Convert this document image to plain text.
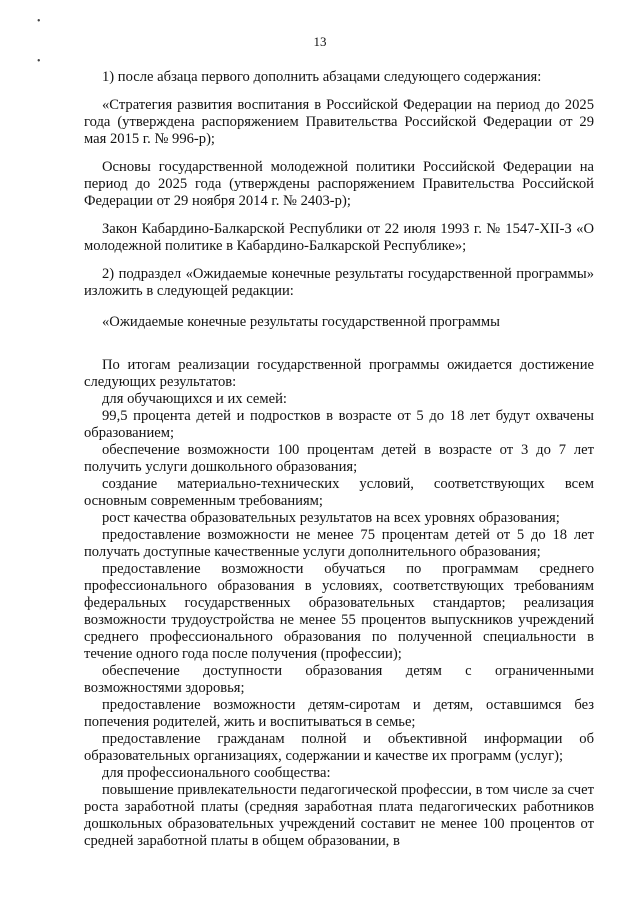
13
•
•

1) после абзаца первого дополнить абзацами следующего содержания:

«Стратегия развития воспитания в Российской Федерации на период до 2025 года (утверждена распоряжением Правительства Российской Федерации от 29 мая 2015 г. № 996-р);

Основы государственной молодежной политики Российской Федерации на период до 2025 года (утверждены распоряжением Правительства Российской Федерации от 29 ноября 2014 г. № 2403-р);

Закон Кабардино-Балкарской Республики от 22 июля 1993 г. № 1547-XII-З «О молодежной политике в Кабардино-Балкарской Республике»;

2) подраздел «Ожидаемые конечные результаты государственной программы» изложить в следующей редакции:

«Ожидаемые конечные результаты государственной программы

По итогам реализации государственной программы ожидается достижение следующих результатов:

для обучающихся и их семей:

99,5 процента детей и подростков в возрасте от 5 до 18 лет будут охвачены образованием;

обеспечение возможности 100 процентам детей в возрасте от 3 до 7 лет получить услуги дошкольного образования;

создание материально-технических условий, соответствующих всем основным современным требованиям;

рост качества образовательных результатов на всех уровнях образования;

предоставление возможности не менее 75 процентам детей от 5 до 18 лет получать доступные качественные услуги дополнительного образования;

предоставление возможности обучаться по программам среднего профессионального образования в условиях, соответствующих требованиям федеральных государственных образовательных стандартов; реализация возможности трудоустройства не менее 55 процентов выпускников учреждений среднего профессионального образования по полученной специальности в течение одного года после получения (профессии);

обеспечение доступности образования детям с ограниченными возможностями здоровья;

предоставление возможности детям-сиротам и детям, оставшимся без попечения родителей, жить и воспитываться в семье;

предоставление гражданам полной и объективной информации об образовательных организациях, содержании и качестве их программ (услуг);

для профессионального сообщества:

повышение привлекательности педагогической профессии, в том числе за счет роста заработной платы (средняя заработная плата педагогических работников дошкольных образовательных учреждений составит не менее 100 процентов от средней заработной платы в общем образовании, в
